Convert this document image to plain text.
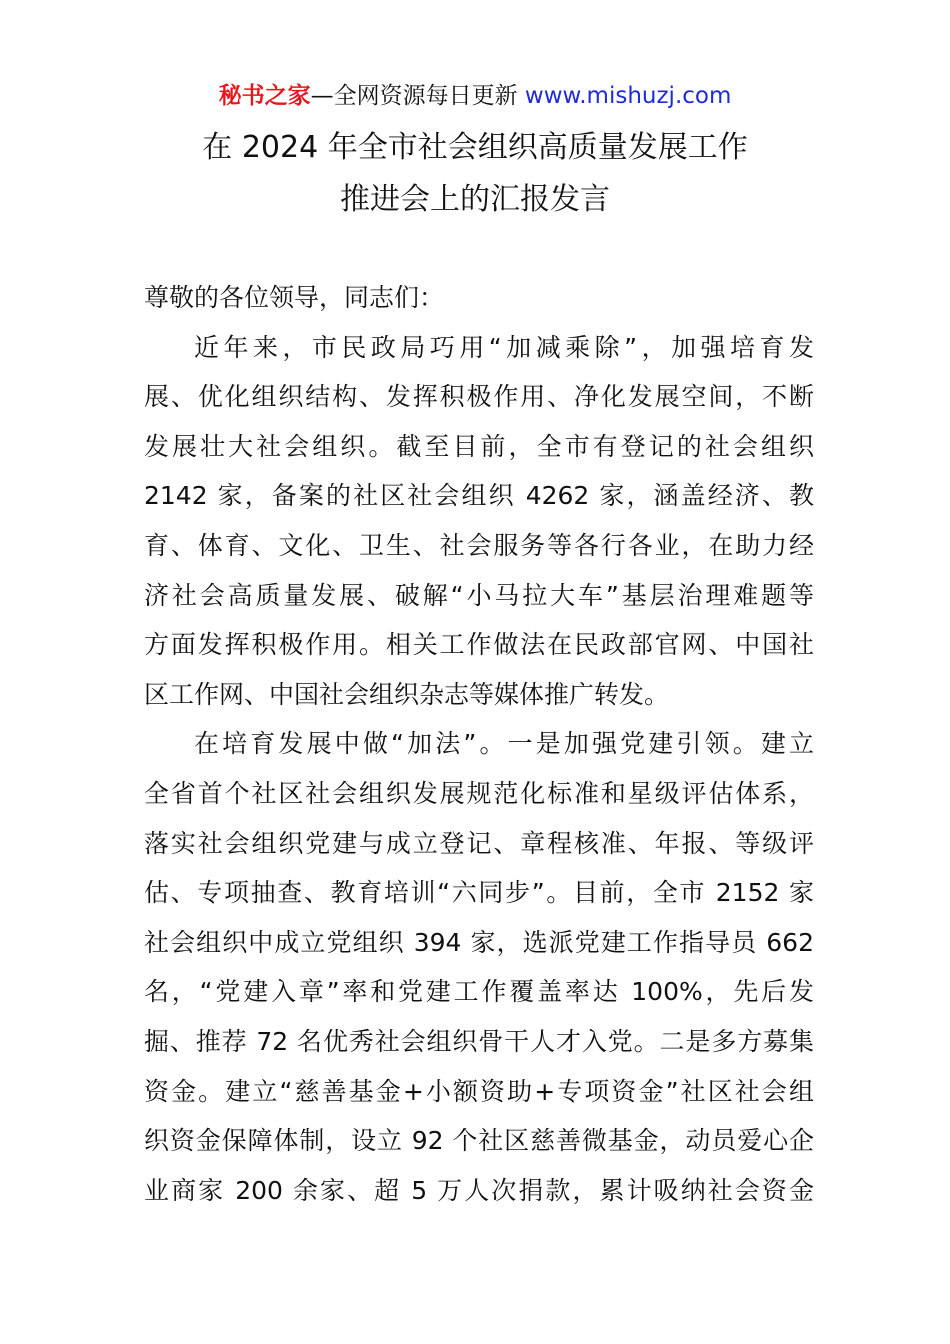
秘书之家—全网资源每日更新 www.mishuzj.com
在 2024 年全市社会组织高质量发展工作
推进会上的汇报发言
尊敬的各位领导，同志们：
近年来，市民政局巧用“加减乘除”，加强培育发
展、优化组织结构、发挥积极作用、净化发展空间，不断
发展壮大社会组织。截至目前，全市有登记的社会组织
2142 家，备案的社区社会组织 4262 家，涵盖经济、教
育、体育、文化、卫生、社会服务等各行各业，在助力经
济社会高质量发展、破解“小马拉大车”基层治理难题等
方面发挥积极作用。相关工作做法在民政部官网、中国社
区工作网、中国社会组织杂志等媒体推广转发。
在培育发展中做“加法”。一是加强党建引领。建立
全省首个社区社会组织发展规范化标准和星级评估体系，
落实社会组织党建与成立登记、章程核准、年报、等级评
估、专项抽查、教育培训“六同步”。目前，全市 2152 家
社会组织中成立党组织 394 家，选派党建工作指导员 662
名，“党建入章”率和党建工作覆盖率达 100%，先后发
掘、推荐 72 名优秀社会组织骨干人才入党。二是多方募集
资金。建立“慈善基金+小额资助+专项资金”社区社会组
织资金保障体制，设立 92 个社区慈善微基金，动员爱心企
业商家 200 余家、超 5 万人次捐款，累计吸纳社会资金
